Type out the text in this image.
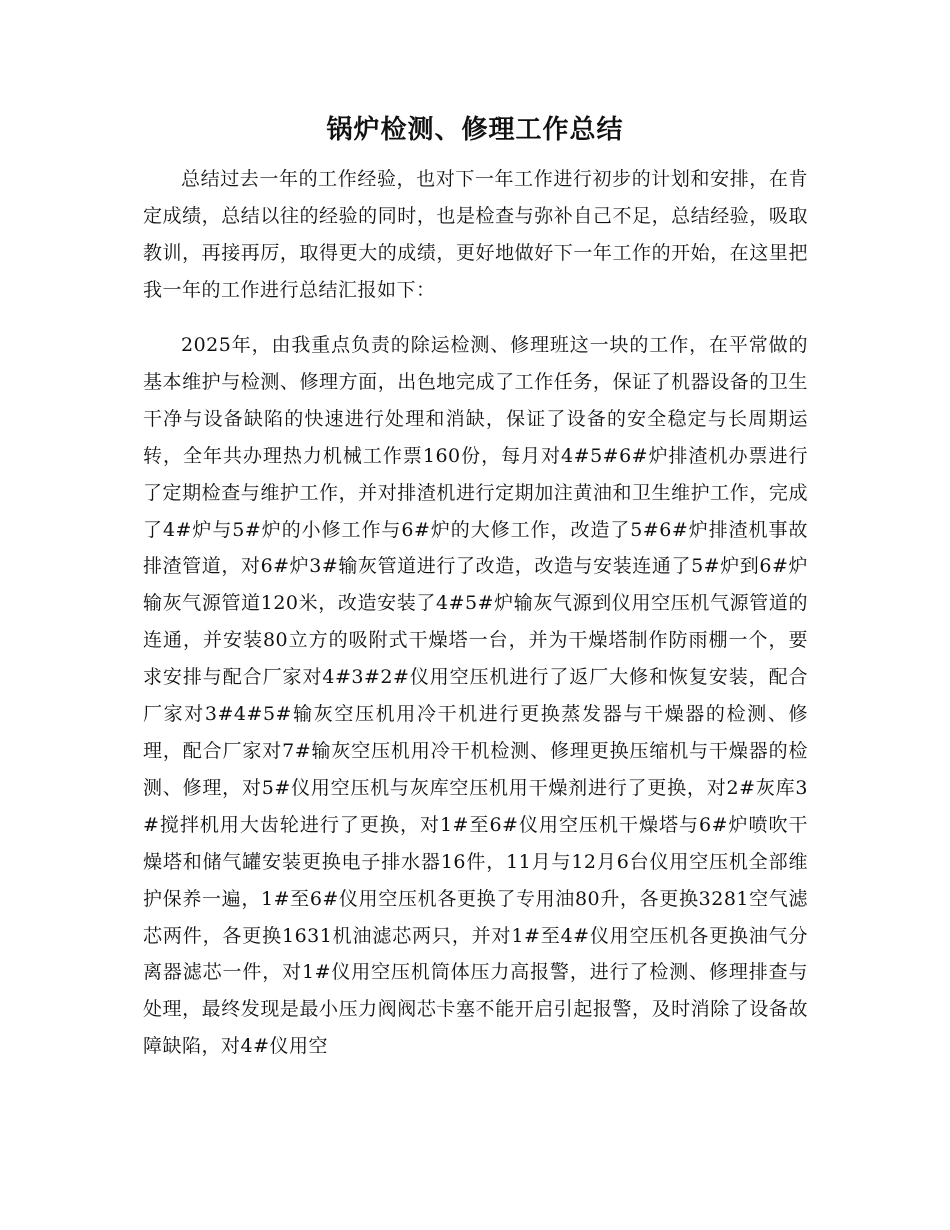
锅炉检测、修理工作总结

总结过去一年的工作经验，也对下一年工作进行初步的计划和安排，在肯定成绩，总结以往的经验的同时，也是检查与弥补自己不足，总结经验，吸取教训，再接再厉，取得更大的成绩，更好地做好下一年工作的开始，在这里把我一年的工作进行总结汇报如下：

2025年，由我重点负责的除运检测、修理班这一块的工作，在平常做的基本维护与检测、修理方面，出色地完成了工作任务，保证了机器设备的卫生干净与设备缺陷的快速进行处理和消缺，保证了设备的安全稳定与长周期运转，全年共办理热力机械工作票160份，每月对4#5#6#炉排渣机办票进行了定期检查与维护工作，并对排渣机进行定期加注黄油和卫生维护工作，完成了4#炉与5#炉的小修工作与6#炉的大修工作，改造了5#6#炉排渣机事故排渣管道，对6#炉3#输灰管道进行了改造，改造与安装连通了5#炉到6#炉输灰气源管道120米，改造安装了4#5#炉输灰气源到仪用空压机气源管道的连通，并安装80立方的吸附式干燥塔一台，并为干燥塔制作防雨棚一个，要求安排与配合厂家对4#3#2#仪用空压机进行了返厂大修和恢复安装，配合厂家对3#4#5#输灰空压机用冷干机进行更换蒸发器与干燥器的检测、修理，配合厂家对7#输灰空压机用冷干机检测、修理更换压缩机与干燥器的检测、修理，对5#仪用空压机与灰库空压机用干燥剂进行了更换，对2#灰库3#搅拌机用大齿轮进行了更换，对1#至6#仪用空压机干燥塔与6#炉喷吹干燥塔和储气罐安装更换电子排水器16件，11月与12月6台仪用空压机全部维护保养一遍，1#至6#仪用空压机各更换了专用油80升，各更换3281空气滤芯两件，各更换1631机油滤芯两只，并对1#至4#仪用空压机各更换油气分离器滤芯一件，对1#仪用空压机筒体压力高报警，进行了检测、修理排查与处理，最终发现是最小压力阀阀芯卡塞不能开启引起报警，及时消除了设备故障缺陷，对4#仪用空
